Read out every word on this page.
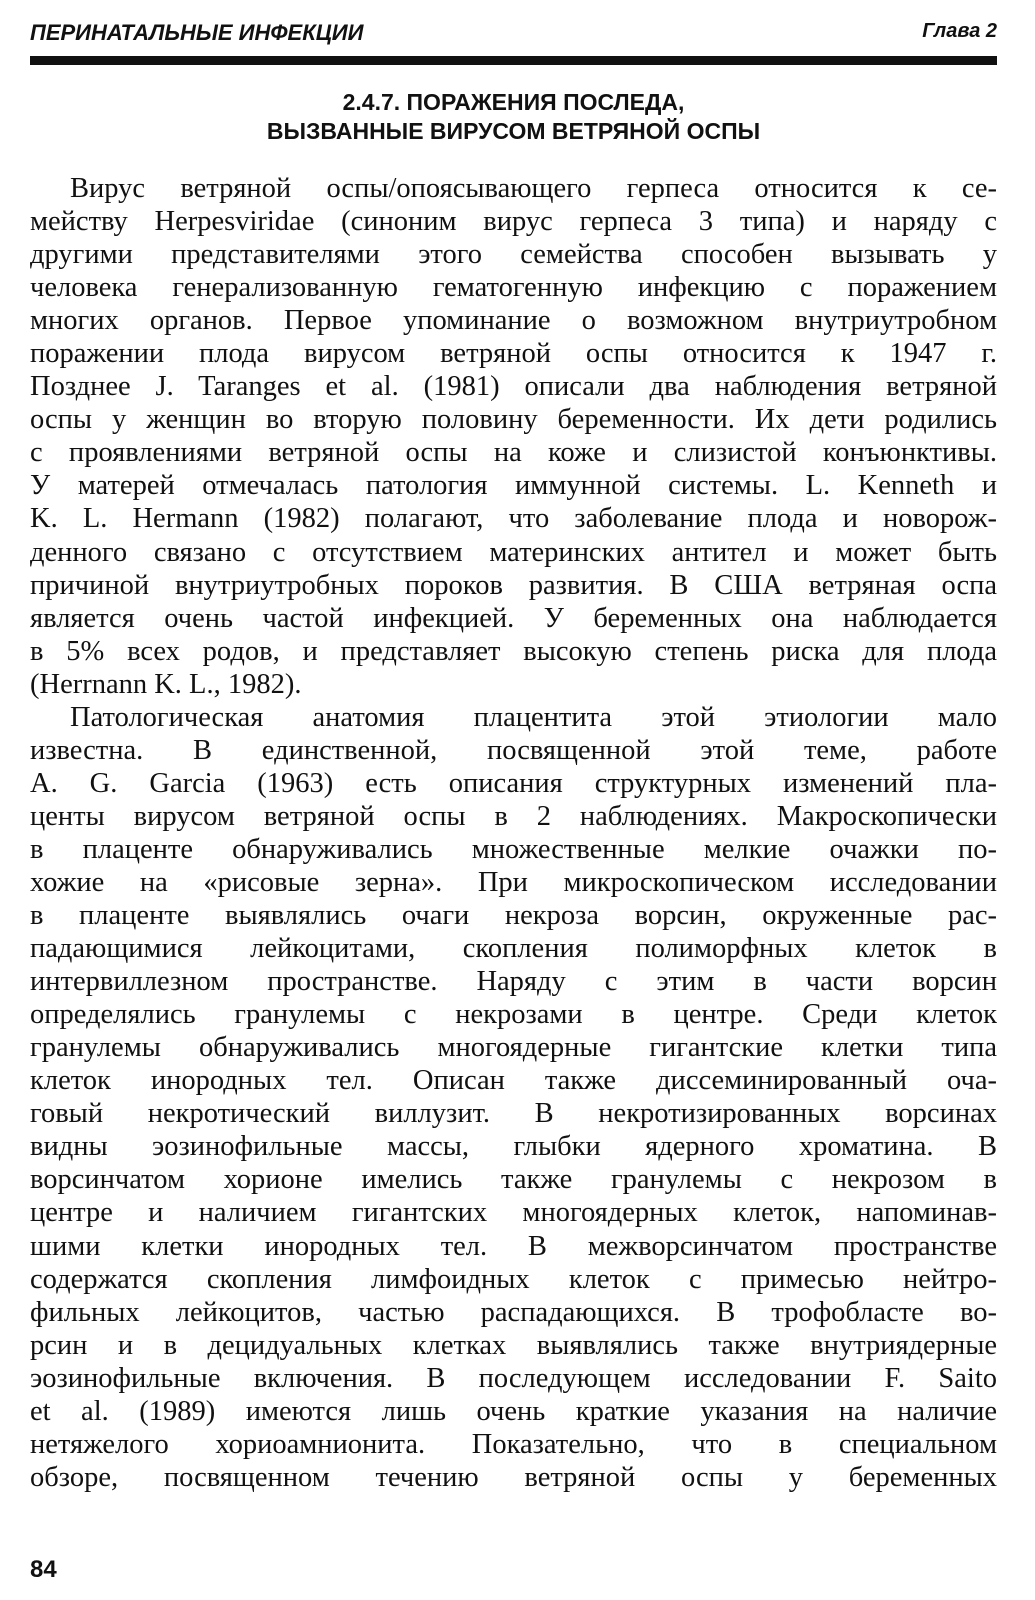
ПЕРИНАТАЛЬНЫЕ ИНФЕКЦИИ	Глава 2
2.4.7. ПОРАЖЕНИЯ ПОСЛЕДА,
ВЫЗВАННЫЕ ВИРУСОМ ВЕТРЯНОЙ ОСПЫ
Вирус ветряной оспы/опоясывающего герпеса относится к се-
мейству Herpesviridae (синоним вирус герпеса 3 типа) и наряду с
другими представителями этого семейства способен вызывать у
человека генерализованную гематогенную инфекцию с поражением
многих органов. Первое упоминание о возможном внутриутробном
поражении плода вирусом ветряной оспы относится к 1947 г.
Позднее J. Taranges et al. (1981) описали два наблюдения ветряной
оспы у женщин во вторую половину беременности. Их дети родились
с проявлениями ветряной оспы на коже и слизистой конъюнктивы.
У матерей отмечалась патология иммунной системы. L. Kenneth и
K. L. Hermann (1982) полагают, что заболевание плода и новорож-
денного связано с отсутствием материнских антител и может быть
причиной внутриутробных пороков развития. В США ветряная оспа
является очень частой инфекцией. У беременных она наблюдается
в 5% всех родов, и представляет высокую степень риска для плода
(Herrnann K. L., 1982).
Патологическая анатомия плацентита этой этиологии мало
известна. В единственной, посвященной этой теме, работе
A. G. Garcia (1963) есть описания структурных изменений пла-
центы вирусом ветряной оспы в 2 наблюдениях. Макроскопически
в плаценте обнаруживались множественные мелкие очажки по-
хожие на «рисовые зерна». При микроскопическом исследовании
в плаценте выявлялись очаги некроза ворсин, окруженные рас-
падающимися лейкоцитами, скопления полиморфных клеток в
интервиллезном пространстве. Наряду с этим в части ворсин
определялись гранулемы с некрозами в центре. Среди клеток
гранулемы обнаруживались многоядерные гигантские клетки типа
клеток инородных тел. Описан также диссеминированный оча-
говый некротический виллузит. В некротизированных ворсинах
видны эозинофильные массы, глыбки ядерного хроматина. В
ворсинчатом хорионе имелись также гранулемы с некрозом в
центре и наличием гигантских многоядерных клеток, напоминав-
шими клетки инородных тел. В межворсинчатом пространстве
содержатся скопления лимфоидных клеток с примесью нейтро-
фильных лейкоцитов, частью распадающихся. В трофобласте во-
рсин и в децидуальных клетках выявлялись также внутриядерные
эозинофильные включения. В последующем исследовании F. Saito
et al. (1989) имеются лишь очень краткие указания на наличие
нетяжелого хориоамнионита. Показательно, что в специальном
обзоре, посвященном течению ветряной оспы у беременных
84
